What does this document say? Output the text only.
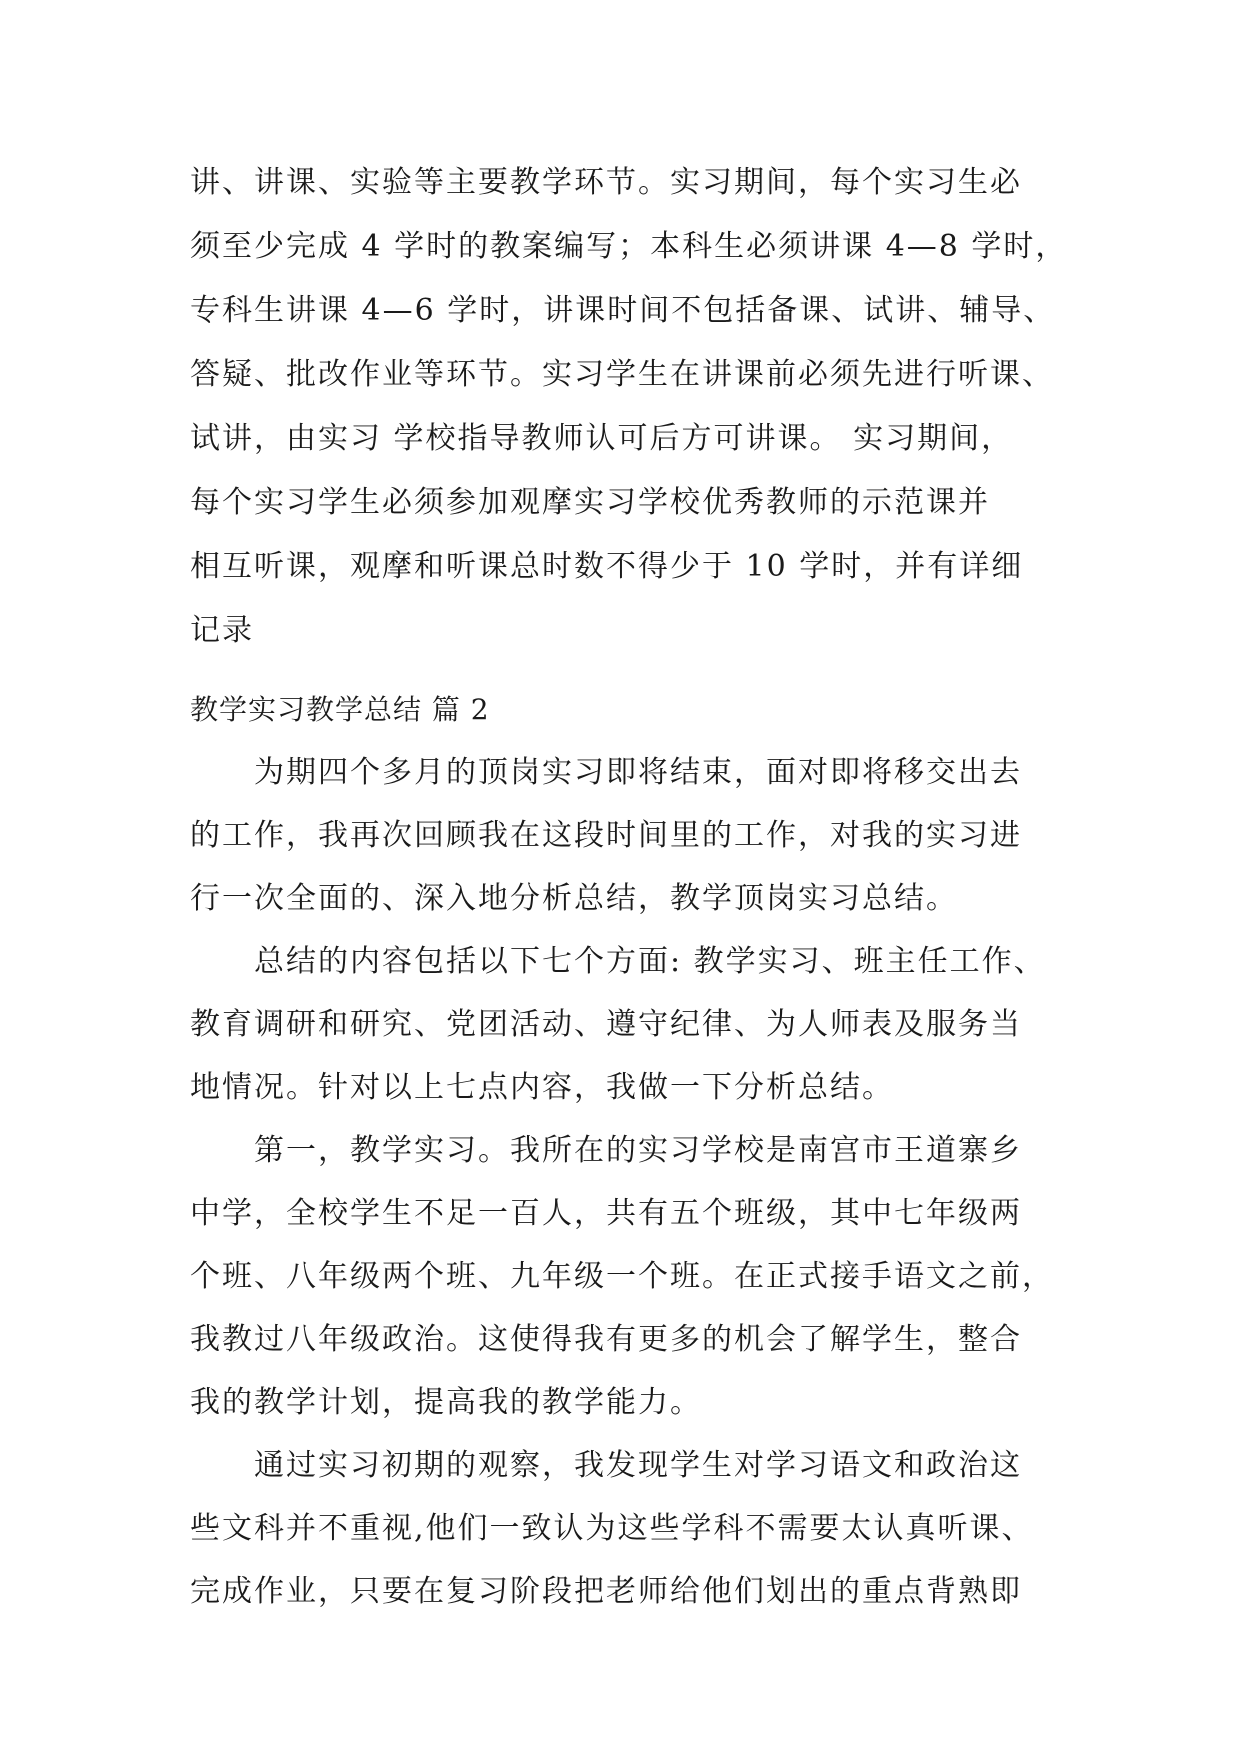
讲、讲课、实验等主要教学环节。实习期间，每个实习生必

须至少完成 4 学时的教案编写；本科生必须讲课 4—8 学时，

专科生讲课 4—6 学时，讲课时间不包括备课、试讲、辅导、

答疑、批改作业等环节。实习学生在讲课前必须先进行听课、

试讲，由实习 学校指导教师认可后方可讲课。 实习期间，

每个实习学生必须参加观摩实习学校优秀教师的示范课并

相互听课，观摩和听课总时数不得少于 10 学时，并有详细

记录

教学实习教学总结 篇 2

为期四个多月的顶岗实习即将结束，面对即将移交出去

的工作，我再次回顾我在这段时间里的工作，对我的实习进

行一次全面的、深入地分析总结，教学顶岗实习总结。

总结的内容包括以下七个方面: 教学实习、班主任工作、

教育调研和研究、党团活动、遵守纪律、为人师表及服务当

地情况。针对以上七点内容，我做一下分析总结。

第一，教学实习。我所在的实习学校是南宫市王道寨乡

中学，全校学生不足一百人，共有五个班级，其中七年级两

个班、八年级两个班、九年级一个班。在正式接手语文之前，

我教过八年级政治。这使得我有更多的机会了解学生，整合

我的教学计划，提高我的教学能力。

通过实习初期的观察，我发现学生对学习语文和政治这

些文科并不重视,他们一致认为这些学科不需要太认真听课、

完成作业，只要在复习阶段把老师给他们划出的重点背熟即
